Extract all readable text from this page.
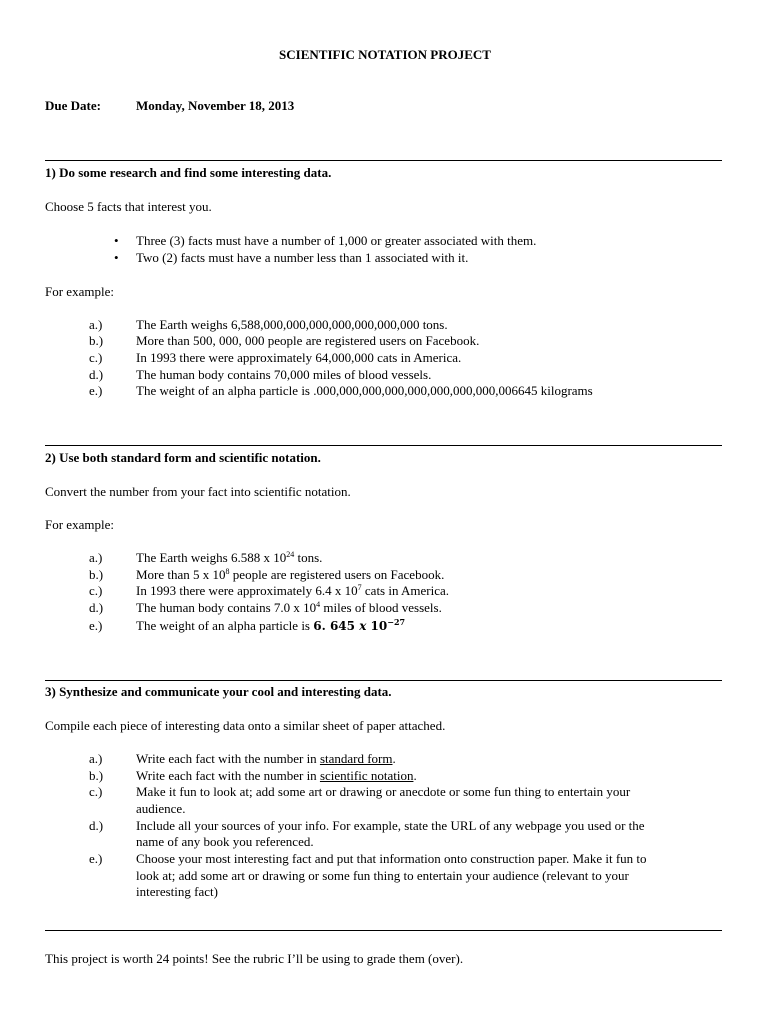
SCIENTIFIC NOTATION PROJECT
Due Date:	Monday, November 18, 2013
1) Do some research and find some interesting data.
Choose 5 facts that interest you.
• Three (3) facts must have a number of 1,000 or greater associated with them.
• Two (2) facts must have a number less than 1 associated with it.
For example:
a.)	The Earth weighs 6,588,000,000,000,000,000,000,000 tons.
b.)	More than 500, 000, 000 people are registered users on Facebook.
c.)	In 1993 there were approximately 64,000,000 cats in America.
d.)	The human body contains 70,000 miles of blood vessels.
e.)	The weight of an alpha particle is .000,000,000,000,000,000,000,000,006645 kilograms
2) Use both standard form and scientific notation.
Convert the number from your fact into scientific notation.
For example:
a.)	The Earth weighs 6.588 x $10^{24}$ tons.
b.)	More than 5 x $10^8$ people are registered users on Facebook.
c.)	In 1993 there were approximately 6.4 x $10^7$ cats in America.
d.)	The human body contains 7.0 x $10^4$ miles of blood vessels.
e.)	The weight of an alpha particle is 6. 645 x $10^{-27}$
3) Synthesize and communicate your cool and interesting data.
Compile each piece of interesting data onto a similar sheet of paper attached.
a.)	Write each fact with the number in standard form.
b.)	Write each fact with the number in scientific notation.
c.)	Make it fun to look at; add some art or drawing or anecdote or some fun thing to entertain your
audience.
d.)	Include all your sources of your info. For example, state the URL of any webpage you used or the
name of any book you referenced.
e.)	Choose your most interesting fact and put that information onto construction paper. Make it fun to
look at; add some art or drawing or some fun thing to entertain your audience (relevant to your
interesting fact)
This project is worth 24 points! See the rubric I’ll be using to grade them (over).
